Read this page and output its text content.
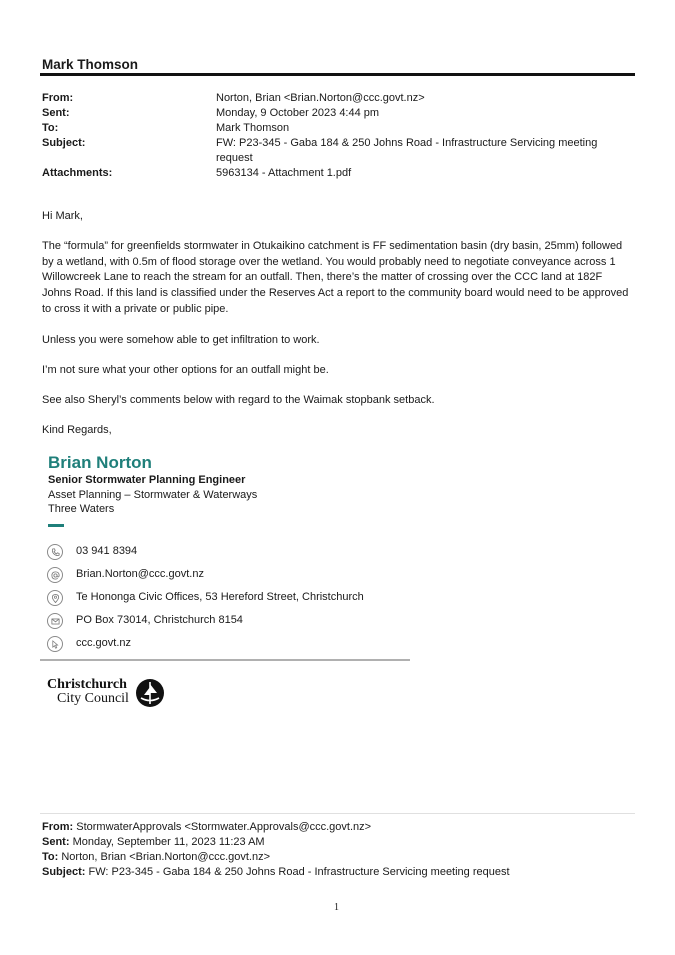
Mark Thomson
From:	Norton, Brian <Brian.Norton@ccc.govt.nz>
Sent:	Monday, 9 October 2023 4:44 pm
To:	Mark Thomson
Subject:	FW: P23-345 - Gaba 184 & 250 Johns Road - Infrastructure Servicing meeting request
Attachments:	5963134 - Attachment 1.pdf
Hi Mark,
The “formula” for greenfields stormwater in Otukaikino catchment is FF sedimentation basin (dry basin, 25mm) followed by a wetland, with 0.5m of flood storage over the wetland. You would probably need to negotiate conveyance across 1 Willowcreek Lane to reach the stream for an outfall. Then, there’s the matter of crossing over the CCC land at 182F Johns Road. If this land is classified under the Reserves Act a report to the community board would need to be approved to cross it with a private or public pipe.
Unless you were somehow able to get infiltration to work.
I’m not sure what your other options for an outfall might be.
See also Sheryl’s comments below with regard to the Waimak stopbank setback.
Kind Regards,
Brian Norton
Senior Stormwater Planning Engineer
Asset Planning – Stormwater & Waterways
Three Waters
03 941 8394
Brian.Norton@ccc.govt.nz
Te Hononga Civic Offices, 53 Hereford Street, Christchurch
PO Box 73014, Christchurch 8154
ccc.govt.nz
Christchurch
City Council
From: StormwaterApprovals <Stormwater.Approvals@ccc.govt.nz>
Sent: Monday, September 11, 2023 11:23 AM
To: Norton, Brian <Brian.Norton@ccc.govt.nz>
Subject: FW: P23-345 - Gaba 184 & 250 Johns Road - Infrastructure Servicing meeting request
1
